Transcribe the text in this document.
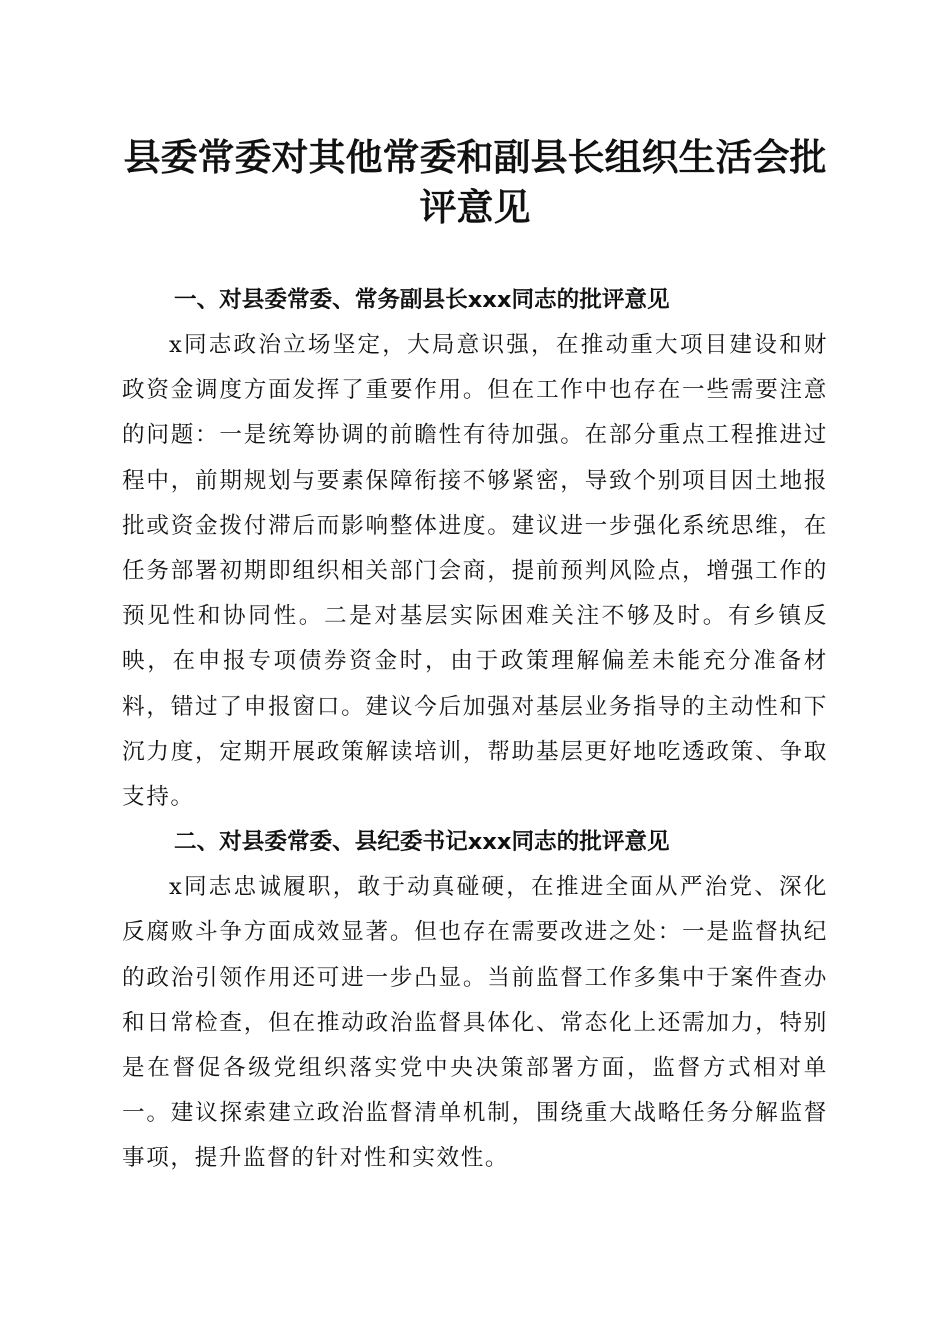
县委常委对其他常委和副县长组织生活会批评意见

一、对县委常委、常务副县长xxx同志的批评意见

x同志政治立场坚定，大局意识强，在推动重大项目建设和财政资金调度方面发挥了重要作用。但在工作中也存在一些需要注意的问题：一是统筹协调的前瞻性有待加强。在部分重点工程推进过程中，前期规划与要素保障衔接不够紧密，导致个别项目因土地报批或资金拨付滞后而影响整体进度。建议进一步强化系统思维，在任务部署初期即组织相关部门会商，提前预判风险点，增强工作的预见性和协同性。二是对基层实际困难关注不够及时。有乡镇反映，在申报专项债券资金时，由于政策理解偏差未能充分准备材料，错过了申报窗口。建议今后加强对基层业务指导的主动性和下沉力度，定期开展政策解读培训，帮助基层更好地吃透政策、争取支持。

二、对县委常委、县纪委书记xxx同志的批评意见

x同志忠诚履职，敢于动真碰硬，在推进全面从严治党、深化反腐败斗争方面成效显著。但也存在需要改进之处：一是监督执纪的政治引领作用还可进一步凸显。当前监督工作多集中于案件查办和日常检查，但在推动政治监督具体化、常态化上还需加力，特别是在督促各级党组织落实党中央决策部署方面，监督方式相对单一。建议探索建立政治监督清单机制，围绕重大战略任务分解监督事项，提升监督的针对性和实效性。
